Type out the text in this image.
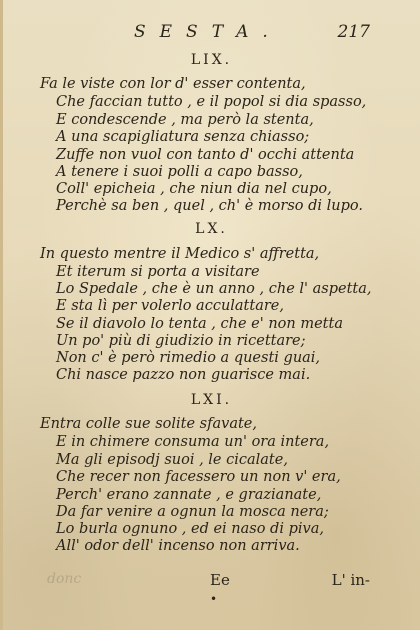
SESTA.	217
LIX.
Fa le viste con lor d' esser contenta,
Che faccian tutto , e il popol si dia spasso,
E condescende , ma però la stenta,
A una scapigliatura senza chiasso;
Zuffe non vuol con tanto d' occhi attenta
A tenere i suoi polli a capo basso,
Coll' epicheia , che niun dia nel cupo,
Perchè sa ben , quel , ch' è morso di lupo.
LX.
In questo mentre il Medico s' affretta,
Et iterum si porta a visitare
Lo Spedale , che è un anno , che l' aspetta,
E sta lì per volerlo acculattare,
Se il diavolo lo tenta , che e' non metta
Un po' più di giudizio in ricettare;
Non c' è però rimedio a questi guai,
Chi nasce pazzo non guarisce mai.
LXI.
Entra colle sue solite sfavate,
E in chimere consuma un' ora intera,
Ma gli episodj suoi , le cicalate,
Che recer non facessero un non v' era,
Perch' erano zannate , e grazianate,
Da far venire a ognun la mosca nera;
Lo burla ognuno , ed ei naso di piva,
All' odor dell' incenso non arriva.
donc	Ee	L' in-
•
